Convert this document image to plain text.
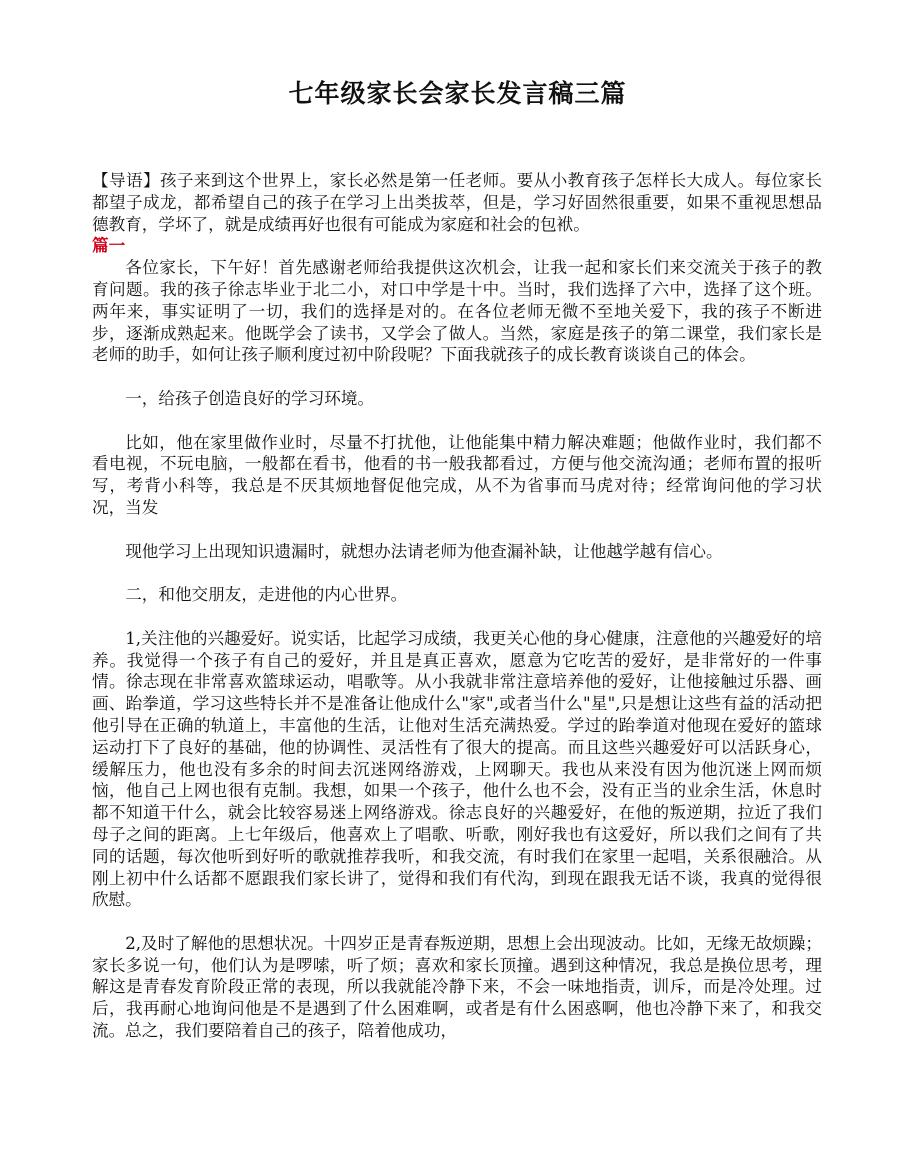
七年级家长会家长发言稿三篇

【导语】孩子来到这个世界上，家长必然是第一任老师。要从小教育孩子怎样长大成人。每位家长都望子成龙，都希望自己的孩子在学习上出类拔萃，但是，学习好固然很重要，如果不重视思想品德教育，学坏了，就是成绩再好也很有可能成为家庭和社会的包袱。

篇一

各位家长，下午好！首先感谢老师给我提供这次机会，让我一起和家长们来交流关于孩子的教育问题。我的孩子徐志毕业于北二小，对口中学是十中。当时，我们选择了六中，选择了这个班。两年来，事实证明了一切，我们的选择是对的。在各位老师无微不至地关爱下，我的孩子不断进步，逐渐成熟起来。他既学会了读书，又学会了做人。当然，家庭是孩子的第二课堂，我们家长是老师的助手，如何让孩子顺利度过初中阶段呢？下面我就孩子的成长教育谈谈自己的体会。

一，给孩子创造良好的学习环境。

比如，他在家里做作业时，尽量不打扰他，让他能集中精力解决难题；他做作业时，我们都不看电视，不玩电脑，一般都在看书，他看的书一般我都看过，方便与他交流沟通；老师布置的报听写，考背小科等，我总是不厌其烦地督促他完成，从不为省事而马虎对待；经常询问他的学习状况，当发

现他学习上出现知识遗漏时，就想办法请老师为他查漏补缺，让他越学越有信心。

二，和他交朋友，走进他的内心世界。

1,关注他的兴趣爱好。说实话，比起学习成绩，我更关心他的身心健康，注意他的兴趣爱好的培养。我觉得一个孩子有自己的爱好，并且是真正喜欢，愿意为它吃苦的爱好，是非常好的一件事情。徐志现在非常喜欢篮球运动，唱歌等。从小我就非常注意培养他的爱好，让他接触过乐器、画画、跆拳道，学习这些特长并不是准备让他成什么"家",或者当什么"星",只是想让这些有益的活动把他引导在正确的轨道上，丰富他的生活，让他对生活充满热爱。学过的跆拳道对他现在爱好的篮球运动打下了良好的基础，他的协调性、灵活性有了很大的提高。而且这些兴趣爱好可以活跃身心，缓解压力，他也没有多余的时间去沉迷网络游戏，上网聊天。我也从来没有因为他沉迷上网而烦恼，他自己上网也很有克制。我想，如果一个孩子，他什么也不会，没有正当的业余生活，休息时都不知道干什么，就会比较容易迷上网络游戏。徐志良好的兴趣爱好，在他的叛逆期，拉近了我们母子之间的距离。上七年级后，他喜欢上了唱歌、听歌，刚好我也有这爱好，所以我们之间有了共同的话题，每次他听到好听的歌就推荐我听，和我交流，有时我们在家里一起唱，关系很融洽。从刚上初中什么话都不愿跟我们家长讲了，觉得和我们有代沟，到现在跟我无话不谈，我真的觉得很欣慰。

2,及时了解他的思想状况。十四岁正是青春叛逆期，思想上会出现波动。比如，无缘无故烦躁；家长多说一句，他们认为是啰嗦，听了烦；喜欢和家长顶撞。遇到这种情况，我总是换位思考，理解这是青春发育阶段正常的表现，所以我就能冷静下来，不会一味地指责，训斥，而是冷处理。过后，我再耐心地询问他是不是遇到了什么困难啊，或者是有什么困惑啊，他也冷静下来了，和我交流。总之，我们要陪着自己的孩子，陪着他成功，
